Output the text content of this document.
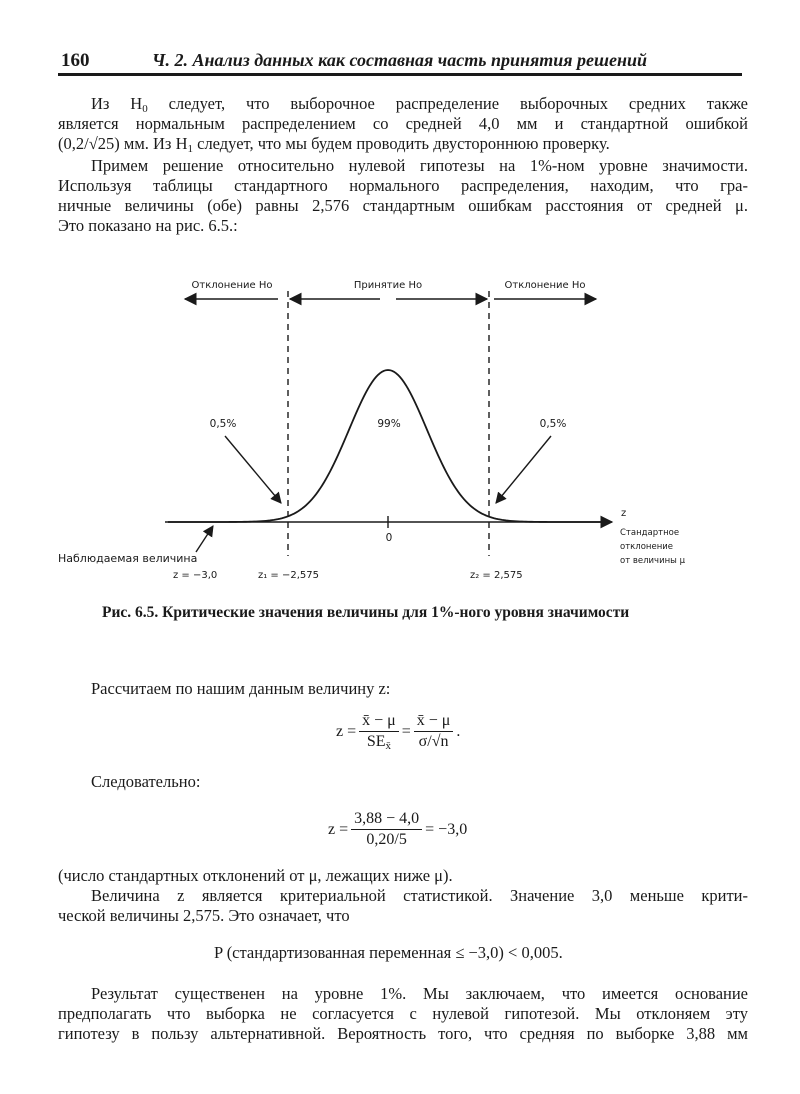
160	Ч. 2. Анализ данных как составная часть принятия решений
Из $H_0$ следует, что выборочное распределение выборочных средних также
является нормальным распределением со средней 4,0 мм и стандартной ошибкой
(0,2/√25) мм. Из $H_1$ следует, что мы будем проводить двустороннюю проверку.
Примем решение относительно нулевой гипотезы на 1%-ном уровне значимости.
Используя таблицы стандартного нормального распределения, находим, что гра-
ничные величины (обе) равны 2,576 стандартным ошибкам расстояния от средней μ.
Это показано на рис. 6.5.:
Отклонение Но	Принятие Но	Отклонение Но
0,5%	99%	0,5%
0
z
Стандартное
отклонение
от величины μ
Наблюдаемая величина
z = −3,0	z₁ = −2,575	z₂ = 2,575
Рис. 6.5. Критические значения величины для 1%-ного уровня значимости
Рассчитаем по нашим данным величину z:
$z = \frac{x̄ - \mu}{SE_{x̄}} = \frac{x̄ - \mu}{\sigma/√n}$ .
Следовательно:
$z = \frac{3,88 - 4,0}{0,20/5} = -3,0$
(число стандартных отклонений от μ, лежащих ниже μ).
Величина z является критериальной статистикой. Значение 3,0 меньше крити-
ческой величины 2,575. Это означает, что
P (стандартизованная переменная ≤ −3,0) < 0,005.
Результат существенен на уровне 1%. Мы заключаем, что имеется основание
предполагать что выборка не согласуется с нулевой гипотезой. Мы отклоняем эту
гипотезу в пользу альтернативной. Вероятность того, что средняя по выборке 3,88 мм
